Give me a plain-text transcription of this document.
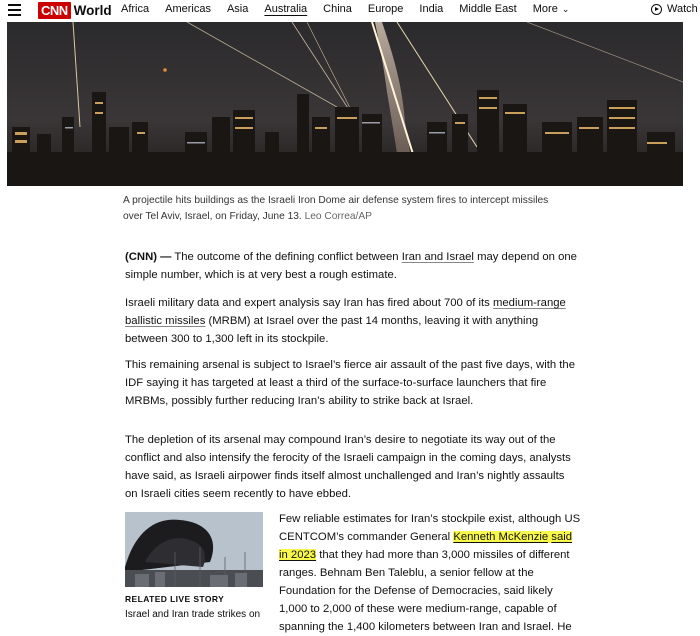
CNN World Africa Americas Asia Australia China Europe India Middle East More ⌄	Watch
A projectile hits buildings as the Israeli Iron Dome air defense system fires to intercept missiles over Tel Aviv, Israel, on Friday, June 13. Leo Correa/AP
(CNN) — The outcome of the defining conflict between Iran and Israel may depend on one simple number, which is at very best a rough estimate.
Israeli military data and expert analysis say Iran has fired about 700 of its medium-range ballistic missiles (MRBM) at Israel over the past 14 months, leaving it with anything between 300 to 1,300 left in its stockpile.
This remaining arsenal is subject to Israel’s fierce air assault of the past five days, with the IDF saying it has targeted at least a third of the surface-to-surface launchers that fire MRBMs, possibly further reducing Iran’s ability to strike back at Israel.
The depletion of its arsenal may compound Iran’s desire to negotiate its way out of the conflict and also intensify the ferocity of the Israeli campaign in the coming days, analysts have said, as Israeli airpower finds itself almost unchallenged and Iran’s nightly assaults on Israeli cities seem recently to have ebbed.
RELATED LIVE STORY
Israel and Iran trade strikes on
Few reliable estimates for Iran’s stockpile exist, although US CENTCOM’s commander General Kenneth McKenzie said in 2023 that they had more than 3,000 missiles of different ranges. Behnam Ben Taleblu, a senior fellow at the Foundation for the Defense of Democracies, said likely 1,000 to 2,000 of these were medium-range, capable of spanning the 1,400 kilometers between Iran and Israel. He
